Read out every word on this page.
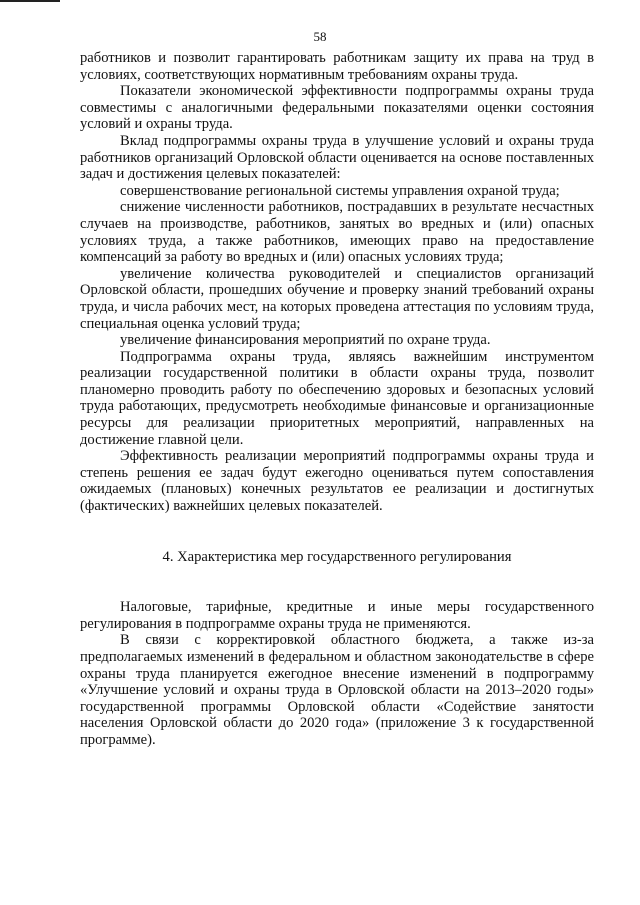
58

работников и позволит гарантировать работникам защиту их права на труд в условиях, соответствующих нормативным требованиям охраны труда.

Показатели экономической эффективности подпрограммы охраны труда совместимы с аналогичными федеральными показателями оценки состояния условий и охраны труда.

Вклад подпрограммы охраны труда в улучшение условий и охраны труда работников организаций Орловской области оценивается на основе поставленных задач и достижения целевых показателей:

совершенствование региональной системы управления охраной труда;

снижение численности работников, пострадавших в результате несчастных случаев на производстве, работников, занятых во вредных и (или) опасных условиях труда, а также работников, имеющих право на предоставление компенсаций за работу во вредных и (или) опасных условиях труда;

увеличение количества руководителей и специалистов организаций Орловской области, прошедших обучение и проверку знаний требований охраны труда, и числа рабочих мест, на которых проведена аттестация по условиям труда, специальная оценка условий труда;

увеличение финансирования мероприятий по охране труда.

Подпрограмма охраны труда, являясь важнейшим инструментом реализации государственной политики в области охраны труда, позволит планомерно проводить работу по обеспечению здоровых и безопасных условий труда работающих, предусмотреть необходимые финансовые и организационные ресурсы для реализации приоритетных мероприятий, направленных на достижение главной цели.

Эффективность реализации мероприятий подпрограммы охраны труда и степень решения ее задач будут ежегодно оцениваться путем сопоставления ожидаемых (плановых) конечных результатов ее реализации и достигнутых (фактических) важнейших целевых показателей.

4. Характеристика мер государственного регулирования

Налоговые, тарифные, кредитные и иные меры государственного регулирования в подпрограмме охраны труда не применяются.

В связи с корректировкой областного бюджета, а также из-за предполагаемых изменений в федеральном и областном законодательстве в сфере охраны труда планируется ежегодное внесение изменений в подпрограмму «Улучшение условий и охраны труда в Орловской области на 2013–2020 годы» государственной программы Орловской области «Содействие занятости населения Орловской области до 2020 года» (приложение 3 к государственной программе).
